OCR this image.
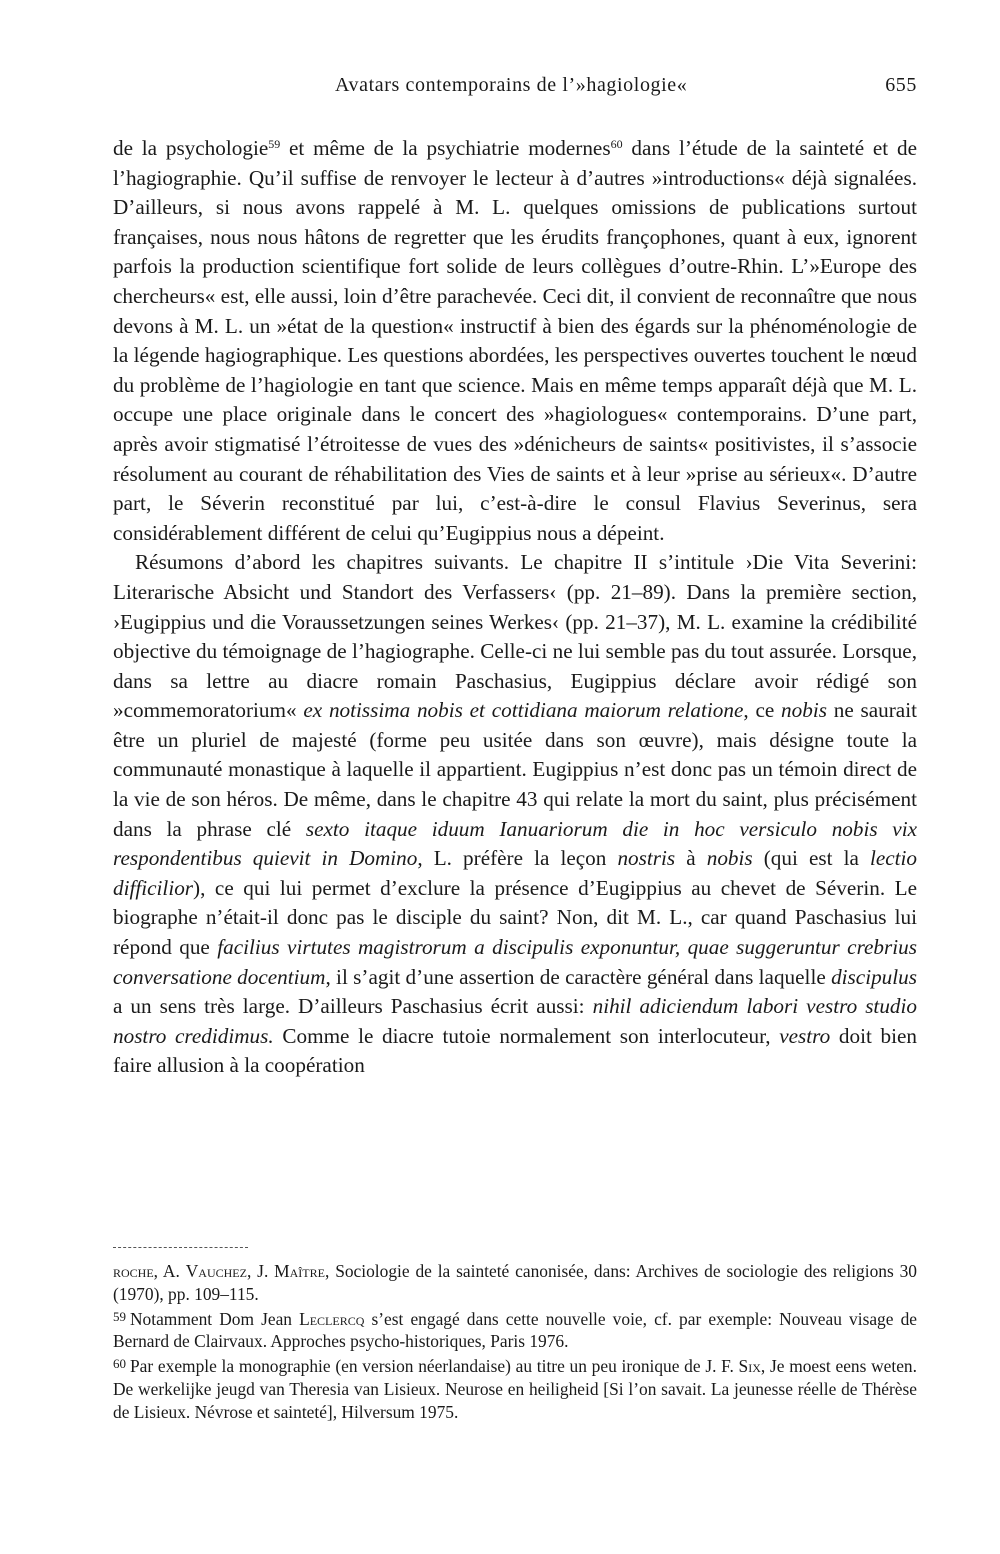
Avatars contemporains de l’»hagiologie«	655

de la psychologie$^{59}$ et même de la psychiatrie modernes$^{60}$ dans l’étude de la sainteté et de l’hagiographie. Qu’il suffise de renvoyer le lecteur à d’autres »introductions« déjà signalées. D’ailleurs, si nous avons rappelé à M. L. quelques omissions de publications surtout françaises, nous nous hâtons de regretter que les érudits françophones, quant à eux, ignorent parfois la production scientifique fort solide de leurs collègues d’outre-Rhin. L’»Europe des chercheurs« est, elle aussi, loin d’être parachevée. Ceci dit, il convient de reconnaître que nous devons à M. L. un »état de la question« instructif à bien des égards sur la phénoménologie de la légende hagiographique. Les questions abordées, les perspectives ouvertes touchent le nœud du problème de l’hagiologie en tant que science. Mais en même temps apparaît déjà que M. L. occupe une place originale dans le concert des »hagiologues« contemporains. D’une part, après avoir stigmatisé l’étroitesse de vues des »dénicheurs de saints« positivistes, il s’associe résolument au courant de réhabilitation des Vies de saints et à leur »prise au sérieux«. D’autre part, le Séverin reconstitué par lui, c’est-à-dire le consul Flavius Severinus, sera considérablement différent de celui qu’Eugippius nous a dépeint.

Résumons d’abord les chapitres suivants. Le chapitre II s’intitule ›Die Vita Severini: Literarische Absicht und Standort des Verfassers‹ (pp. 21–89). Dans la première section, ›Eugippius und die Voraussetzungen seines Werkes‹ (pp. 21–37), M. L. examine la crédibilité objective du témoignage de l’hagiographe. Celle-ci ne lui semble pas du tout assurée. Lorsque, dans sa lettre au diacre romain Paschasius, Eugippius déclare avoir rédigé son »commemoratorium« ex notissima nobis et cottidiana maiorum relatione, ce nobis ne saurait être un pluriel de majesté (forme peu usitée dans son œuvre), mais désigne toute la communauté monastique à laquelle il appartient. Eugippius n’est donc pas un témoin direct de la vie de son héros. De même, dans le chapitre 43 qui relate la mort du saint, plus précisément dans la phrase clé sexto itaque iduum Ianuariorum die in hoc versiculo nobis vix respondentibus quievit in Domino, L. préfère la leçon nostris à nobis (qui est la lectio difficilior), ce qui lui permet d’exclure la présence d’Eugippius au chevet de Séverin. Le biographe n’était-il donc pas le disciple du saint? Non, dit M. L., car quand Paschasius lui répond que facilius virtutes magistrorum a discipulis exponuntur, quae suggeruntur crebrius conversatione docentium, il s’agit d’une assertion de caractère général dans laquelle discipulus a un sens très large. D’ailleurs Paschasius écrit aussi: nihil adiciendum labori vestro studio nostro credidimus. Comme le diacre tutoie normalement son interlocuteur, vestro doit bien faire allusion à la coopération

roche, A. Vauchez, J. Maître, Sociologie de la sainteté canonisée, dans: Archives de sociologie des religions 30 (1970), pp. 109–115.

$^{59}$ Notamment Dom Jean Leclercq s’est engagé dans cette nouvelle voie, cf. par exemple: Nouveau visage de Bernard de Clairvaux. Approches psycho-historiques, Paris 1976.

$^{60}$ Par exemple la monographie (en version néerlandaise) au titre un peu ironique de J. F. Six, Je moest eens weten. De werkelijke jeugd van Theresia van Lisieux. Neurose en heiligheid [Si l’on savait. La jeunesse réelle de Thérèse de Lisieux. Névrose et sainteté], Hilversum 1975.
